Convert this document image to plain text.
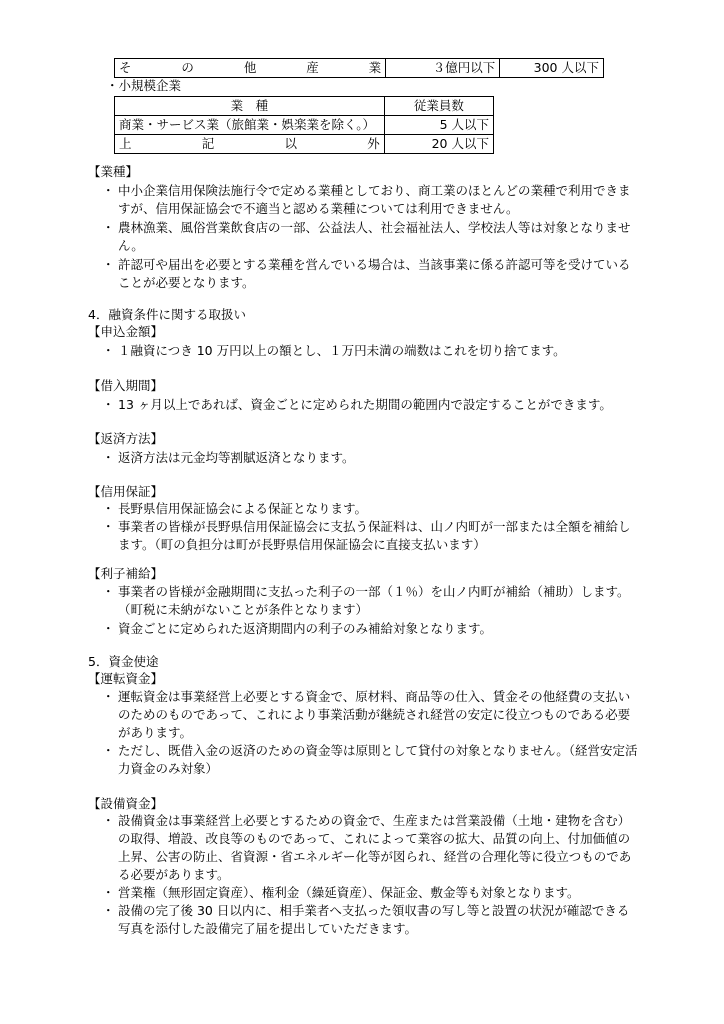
その他産業	３億円以下	300 人以下
・小規模企業
業　種	従業員数
商業・サービス業（旅館業・娯楽業を除く。）	5 人以下

上記以外	20 人以下
【業種】
・ 中小企業信用保険法施行令で定める業種としており、商工業のほとんどの業種で利用できますが、信用保証協会で不適当と認める業種については利用できません。
・ 農林漁業、風俗営業飲食店の一部、公益法人、社会福祉法人、学校法人等は対象となりません。
・ 許認可や届出を必要とする業種を営んでいる場合は、当該事業に係る許認可等を受けていることが必要となります。
4．融資条件に関する取扱い
【申込金額】
・ １融資につき 10 万円以上の額とし、１万円未満の端数はこれを切り捨てます。
【借入期間】
・ 13 ヶ月以上であれば、資金ごとに定められた期間の範囲内で設定することができます。
【返済方法】
・ 返済方法は元金均等割賦返済となります。
【信用保証】
・ 長野県信用保証協会による保証となります。
・ 事業者の皆様が長野県信用保証協会に支払う保証料は、山ノ内町が一部または全額を補給します。（町の負担分は町が長野県信用保証協会に直接支払います）
【利子補給】
・ 事業者の皆様が金融期間に支払った利子の一部（１％）を山ノ内町が補給（補助）します。（町税に未納がないことが条件となります）
・ 資金ごとに定められた返済期間内の利子のみ補給対象となります。
5．資金使途
【運転資金】
・ 運転資金は事業経営上必要とする資金で、原材料、商品等の仕入、賃金その他経費の支払いのためのものであって、これにより事業活動が継続され経営の安定に役立つものである必要があります。
・ ただし、既借入金の返済のための資金等は原則として貸付の対象となりません。（経営安定活力資金のみ対象）
【設備資金】
・ 設備資金は事業経営上必要とするための資金で、生産または営業設備（土地・建物を含む）の取得、増設、改良等のものであって、これによって業容の拡大、品質の向上、付加価値の上昇、公害の防止、省資源・省エネルギー化等が図られ、経営の合理化等に役立つものである必要があります。
・ 営業権（無形固定資産）、権利金（繰延資産）、保証金、敷金等も対象となります。
・ 設備の完了後 30 日以内に、相手業者へ支払った領収書の写し等と設置の状況が確認できる写真を添付した設備完了届を提出していただきます。
